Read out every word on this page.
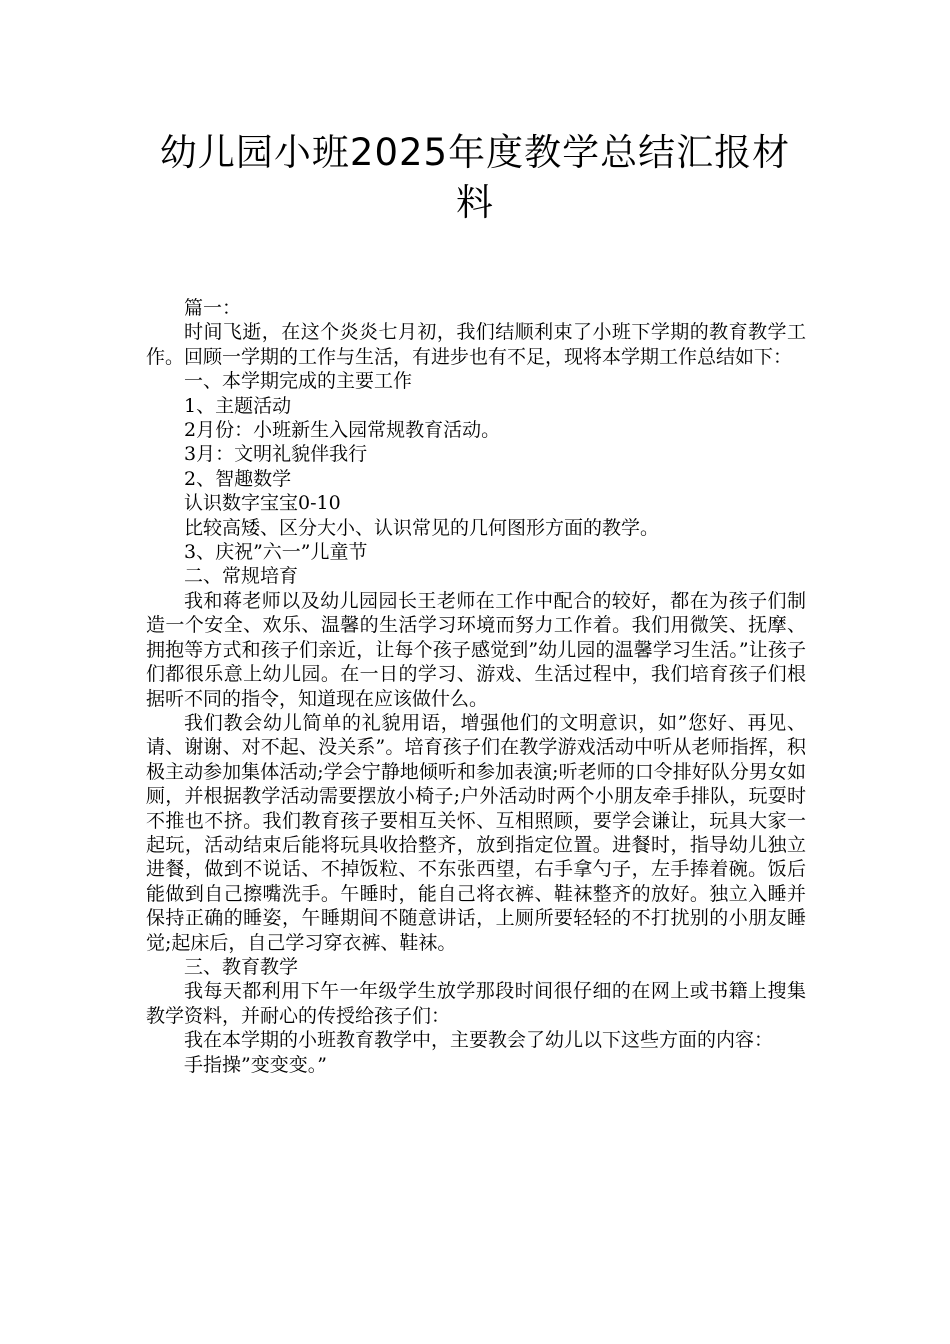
幼儿园小班2025年度教学总结汇报材
料

篇一：

时间飞逝，在这个炎炎七月初，我们结顺利束了小班下学期的教育教学工作。回顾一学期的工作与生活，有进步也有不足，现将本学期工作总结如下：

一、本学期完成的主要工作

1、主题活动

2月份：小班新生入园常规教育活动。

3月：文明礼貌伴我行

2、智趣数学

认识数字宝宝0-10

比较高矮、区分大小、认识常见的几何图形方面的教学。

3、庆祝”六一”儿童节

二、常规培育

我和蒋老师以及幼儿园园长王老师在工作中配合的较好，都在为孩子们制造一个安全、欢乐、温馨的生活学习环境而努力工作着。我们用微笑、抚摩、拥抱等方式和孩子们亲近，让每个孩子感觉到”幼儿园的温馨学习生活。”让孩子们都很乐意上幼儿园。在一日的学习、游戏、生活过程中，我们培育孩子们根据听不同的指令，知道现在应该做什么。

我们教会幼儿简单的礼貌用语，增强他们的文明意识，如”您好、再见、请、谢谢、对不起、没关系”。培育孩子们在教学游戏活动中听从老师指挥，积极主动参加集体活动;学会宁静地倾听和参加表演;听老师的口令排好队分男女如厕，并根据教学活动需要摆放小椅子;户外活动时两个小朋友牵手排队，玩耍时不推也不挤。我们教育孩子要相互关怀、互相照顾，要学会谦让，玩具大家一起玩，活动结束后能将玩具收拾整齐，放到指定位置。进餐时，指导幼儿独立进餐，做到不说话、不掉饭粒、不东张西望，右手拿勺子，左手捧着碗。饭后能做到自己擦嘴洗手。午睡时，能自己将衣裤、鞋袜整齐的放好。独立入睡并保持正确的睡姿，午睡期间不随意讲话，上厕所要轻轻的不打扰别的小朋友睡觉;起床后，自己学习穿衣裤、鞋袜。

三、教育教学

我每天都利用下午一年级学生放学那段时间很仔细的在网上或书籍上搜集教学资料，并耐心的传授给孩子们：

我在本学期的小班教育教学中，主要教会了幼儿以下这些方面的内容：

手指操”变变变。”
